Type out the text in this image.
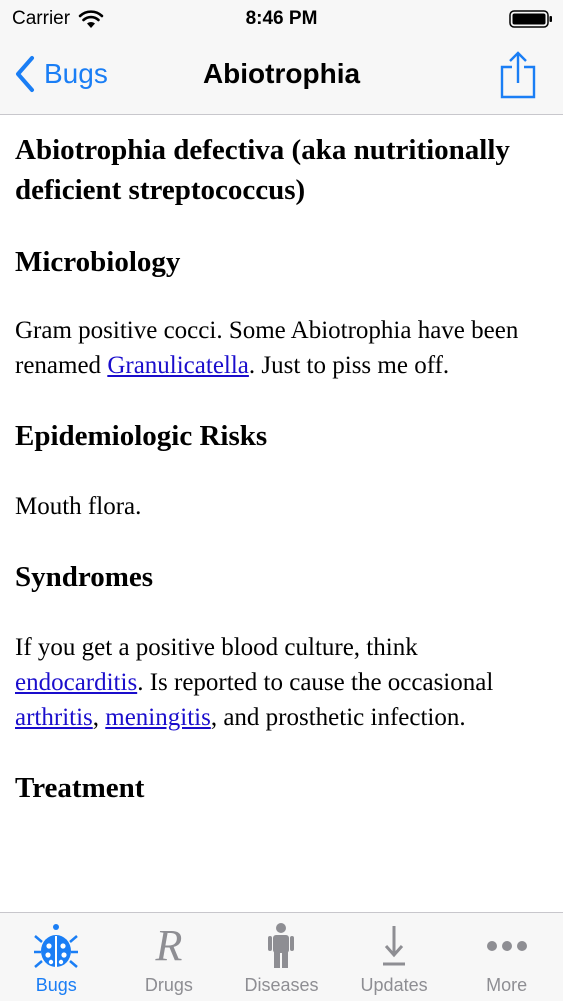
Carrier	8:46 PM
Bugs	Abiotrophia
Abiotrophia defectiva (aka nutritionally deficient streptococcus)
Microbiology

Gram positive cocci. Some Abiotrophia have been renamed Granulicatella. Just to piss me off.

Epidemiologic Risks

Mouth flora.

Syndromes

If you get a positive blood culture, think endocarditis. Is reported to cause the occasional arthritis, meningitis, and prosthetic infection.

Treatment
Bugs
R
Drugs	Diseases Updates	More
